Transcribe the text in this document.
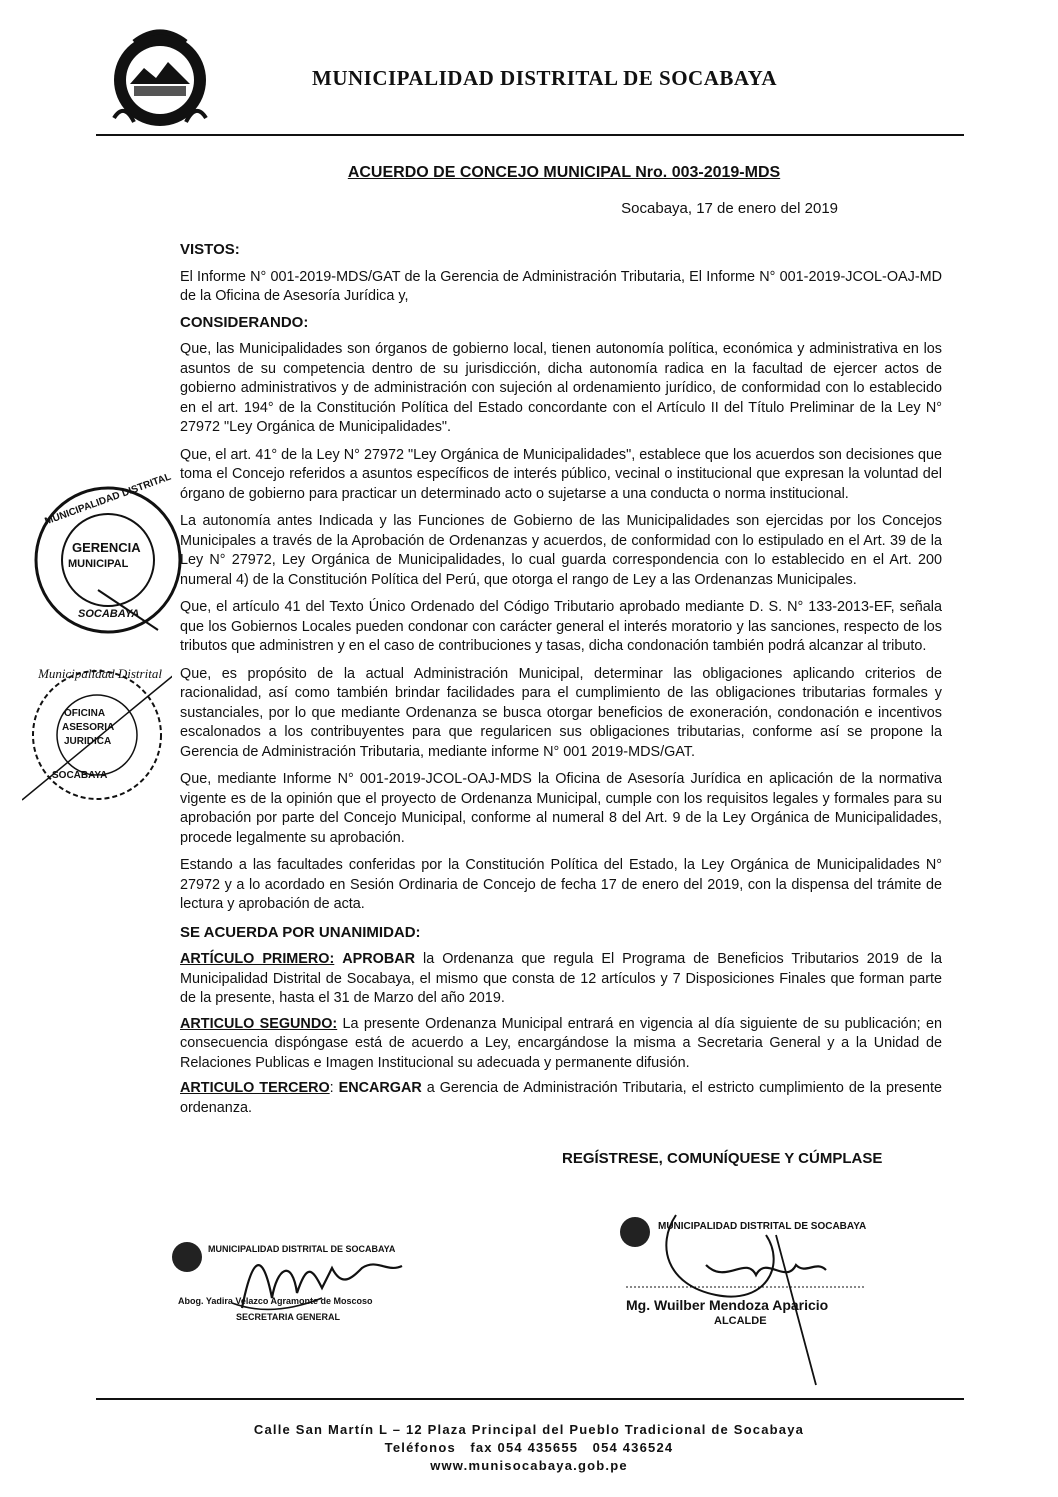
MUNICIPALIDAD DISTRITAL DE SOCABAYA
ACUERDO DE CONCEJO MUNICIPAL Nro. 003-2019-MDS
Socabaya, 17 de enero del 2019

VISTOS:

El Informe N° 001-2019-MDS/GAT de la Gerencia de Administración Tributaria, El Informe N° 001-2019-JCOL-OAJ-MD de la Oficina de Asesoría Jurídica y,

CONSIDERANDO:

Que, las Municipalidades son órganos de gobierno local, tienen autonomía política, económica y administrativa en los asuntos de su competencia dentro de su jurisdicción, dicha autonomía radica en la facultad de ejercer actos de gobierno administrativos y de administración con sujeción al ordenamiento jurídico, de conformidad con lo establecido en el art. 194° de la Constitución Política del Estado concordante con el Artículo II del Título Preliminar de la Ley N° 27972 "Ley Orgánica de Municipalidades".

Que, el art. 41° de la Ley N° 27972 "Ley Orgánica de Municipalidades", establece que los acuerdos son decisiones que toma el Concejo referidos a asuntos específicos de interés público, vecinal o institucional que expresan la voluntad del órgano de gobierno para practicar un determinado acto o sujetarse a una conducta o norma institucional.

La autonomía antes Indicada y las Funciones de Gobierno de las Municipalidades son ejercidas por los Concejos Municipales a través de la Aprobación de Ordenanzas y acuerdos, de conformidad con lo estipulado en el Art. 39 de la Ley N° 27972, Ley Orgánica de Municipalidades, lo cual guarda correspondencia con lo establecido en el Art. 200 numeral 4) de la Constitución Política del Perú, que otorga el rango de Ley a las Ordenanzas Municipales.

Que, el artículo 41 del Texto Único Ordenado del Código Tributario aprobado mediante D. S. N° 133-2013-EF, señala que los Gobiernos Locales pueden condonar con carácter general el interés moratorio y las sanciones, respecto de los tributos que administren y en el caso de contribuciones y tasas, dicha condonación también podrá alcanzar al tributo.

Que, es propósito de la actual Administración Municipal, determinar las obligaciones aplicando criterios de racionalidad, así como también brindar facilidades para el cumplimiento de las obligaciones tributarias formales y sustanciales, por lo que mediante Ordenanza se busca otorgar beneficios de exoneración, condonación e incentivos escalonados a los contribuyentes para que regularicen sus obligaciones tributarias, conforme así se propone la Gerencia de Administración Tributaria, mediante informe N° 001 2019-MDS/GAT.

Que, mediante Informe N° 001-2019-JCOL-OAJ-MDS la Oficina de Asesoría Jurídica en aplicación de la normativa vigente es de la opinión que el proyecto de Ordenanza Municipal, cumple con los requisitos legales y formales para su aprobación por parte del Concejo Municipal, conforme al numeral 8 del Art. 9 de la Ley Orgánica de Municipalidades, procede legalmente su aprobación.

Estando a las facultades conferidas por la Constitución Política del Estado, la Ley Orgánica de Municipalidades N° 27972 y a lo acordado en Sesión Ordinaria de Concejo de fecha 17 de enero del 2019, con la dispensa del trámite de lectura y aprobación de acta.

SE ACUERDA POR UNANIMIDAD:

ARTÍCULO PRIMERO: APROBAR la Ordenanza que regula El Programa de Beneficios Tributarios 2019 de la Municipalidad Distrital de Socabaya, el mismo que consta de 12 artículos y 7 Disposiciones Finales que forman parte de la presente, hasta el 31 de Marzo del año 2019.

ARTICULO SEGUNDO: La presente Ordenanza Municipal entrará en vigencia al día siguiente de su publicación; en consecuencia dispóngase está de acuerdo a Ley, encargándose la misma a Secretaria General y a la Unidad de Relaciones Publicas e Imagen Institucional su adecuada y permanente difusión.

ARTICULO TERCERO: ENCARGAR a Gerencia de Administración Tributaria, el estricto cumplimiento de la presente ordenanza.

MUNICIPALIDAD DISTRITAL
GERENCIA
MUNICIPAL
SOCABAYA
Municipalidad Distrital
OFICINA
ASESORIA
JURIDICA
SOCABAYA
REGÍSTRESE, COMUNÍQUESE Y CÚMPLASE
MUNICIPALIDAD DISTRITAL DE SOCABAYA
Abog. Yadira Velazco Agramonte de Moscoso
SECRETARIA GENERAL
MUNICIPALIDAD DISTRITAL DE SOCABAYA
Mg. Wuilber Mendoza Aparicio
ALCALDE
Calle San Martín L – 12 Plaza Principal del Pueblo Tradicional de Socabaya
Teléfonos   fax 054 435655   054 436524
www.munisocabaya.gob.pe
